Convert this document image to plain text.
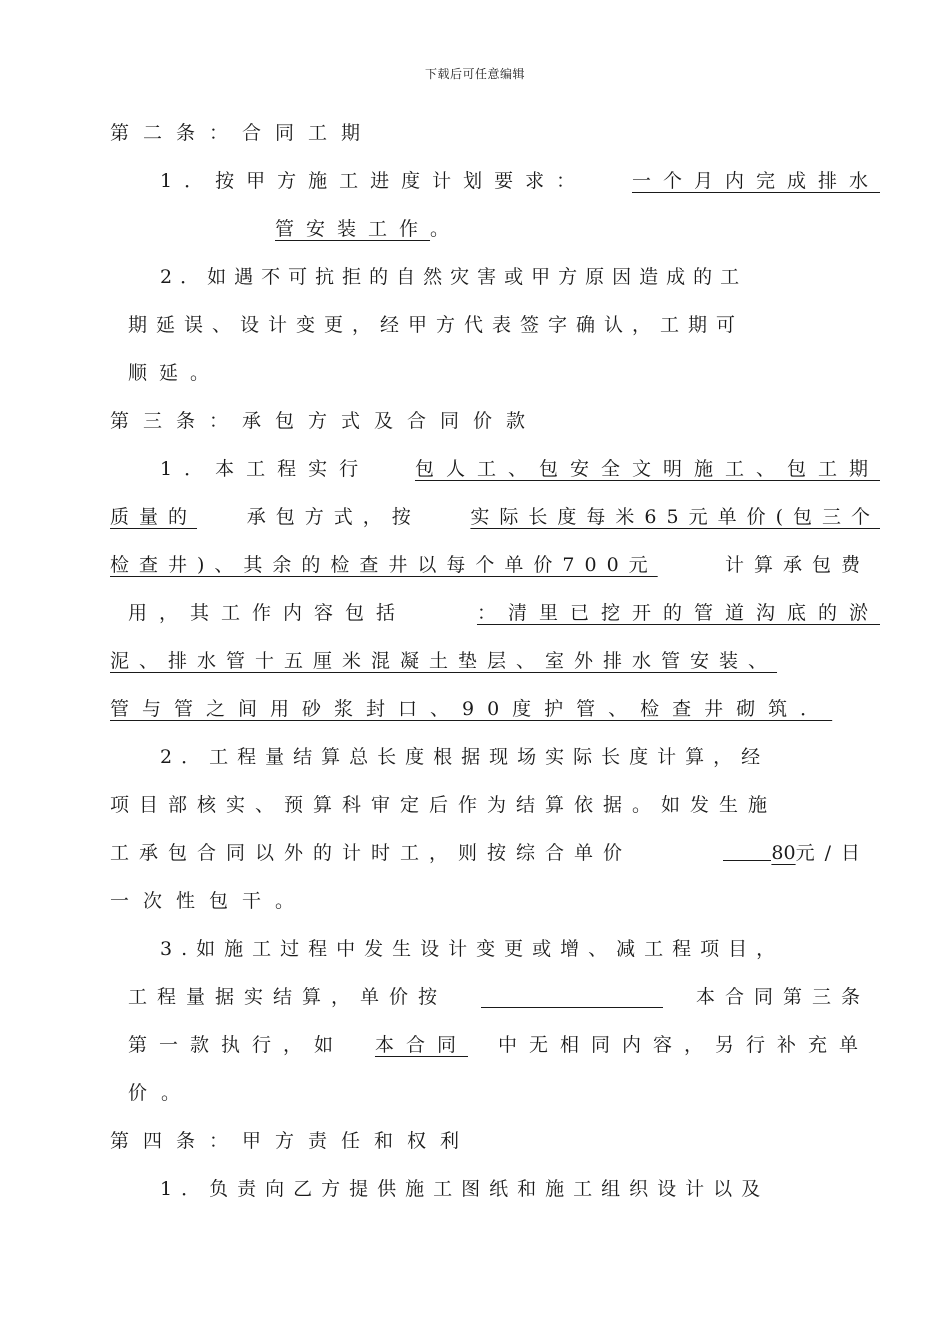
下载后可任意编辑
第二条：合同工期
1．按甲方施工进度计划要求： 一个月内完成排水
管安装工作 。
2．如遇不可抗拒的自然灾害或甲方原因造成的工
期延误、设计变更，经甲方代表签字确认，工期可
顺延。
第三条：承包方式及合同价款
1．本工程实行 包人工、包安全文明施工、包工期
质量的	承包方式，按	实际长度每米65元单价(包三个
检查井)、其余的检查井以每个单价700元	计算承包费
用，其工作内容包括	：清里已挖开的管道沟底的淤
泥、排水管十五厘米混凝土垫层、室外排水管安装、
管与管之间用砂浆封口、90度护管、检查井砌筑．
2．工程量结算总长度根据现场实际长度计算，经
项目部核实、预算科审定后作为结算依据。如发生施
工承包合同以外的计时工，则按综合单价	80 元/日
一次性包干。
3.如施工过程中发生设计变更或增、减工程项目，
工程量据实结算，单价按	本合同第三条
第一款执行，如 本合同 中无相同内容，另行补充单
价。
第四条：甲方责任和权利
1．负责向乙方提供施工图纸和施工组织设计以及
